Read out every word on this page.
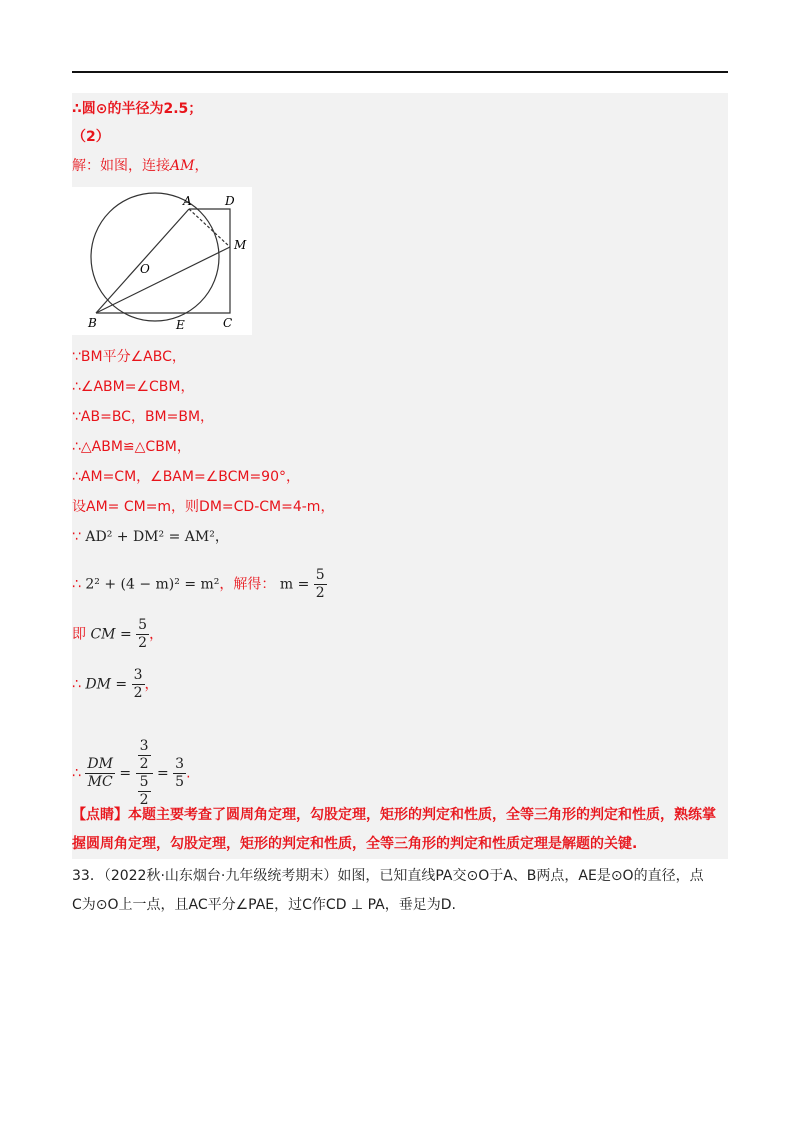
∴圆⊙的半径为2.5；
（2）
解：如图，连接AM，
A	D
M
O
B	E	C
∵BM平分∠ABC，
∴∠ABM=∠CBM，
∵AB=BC，BM=BM，
∴△ABM≌△CBM，
∴AM=CM，∠BAM=∠BCM=90°，
设AM= CM=m，则DM=CD-CM=4-m，
∵ AD² + DM² = AM²，
∴ 2² + (4 − m)² = m²，解得： $m = \frac{5}{2}$
即 CM = $\frac{5}{2}$ ，
∴ DM = $\frac{3}{2}$ ，
∴ $\frac{DM}{MC} = \frac{\frac{3}{2}}{\frac{5}{2}} = \frac{3}{5}$ .
【点睛】本题主要考查了圆周角定理，勾股定理，矩形的判定和性质，全等三角形的判定和性质，熟练掌
握圆周角定理，勾股定理，矩形的判定和性质，全等三角形的判定和性质定理是解题的关键.
33．（2022秋·山东烟台·九年级统考期末）如图，已知直线PA交⊙O于A、B两点，AE是⊙O的直径，点
C为⊙O上一点，且AC平分∠PAE，过C作CD ⊥ PA，垂足为D.
